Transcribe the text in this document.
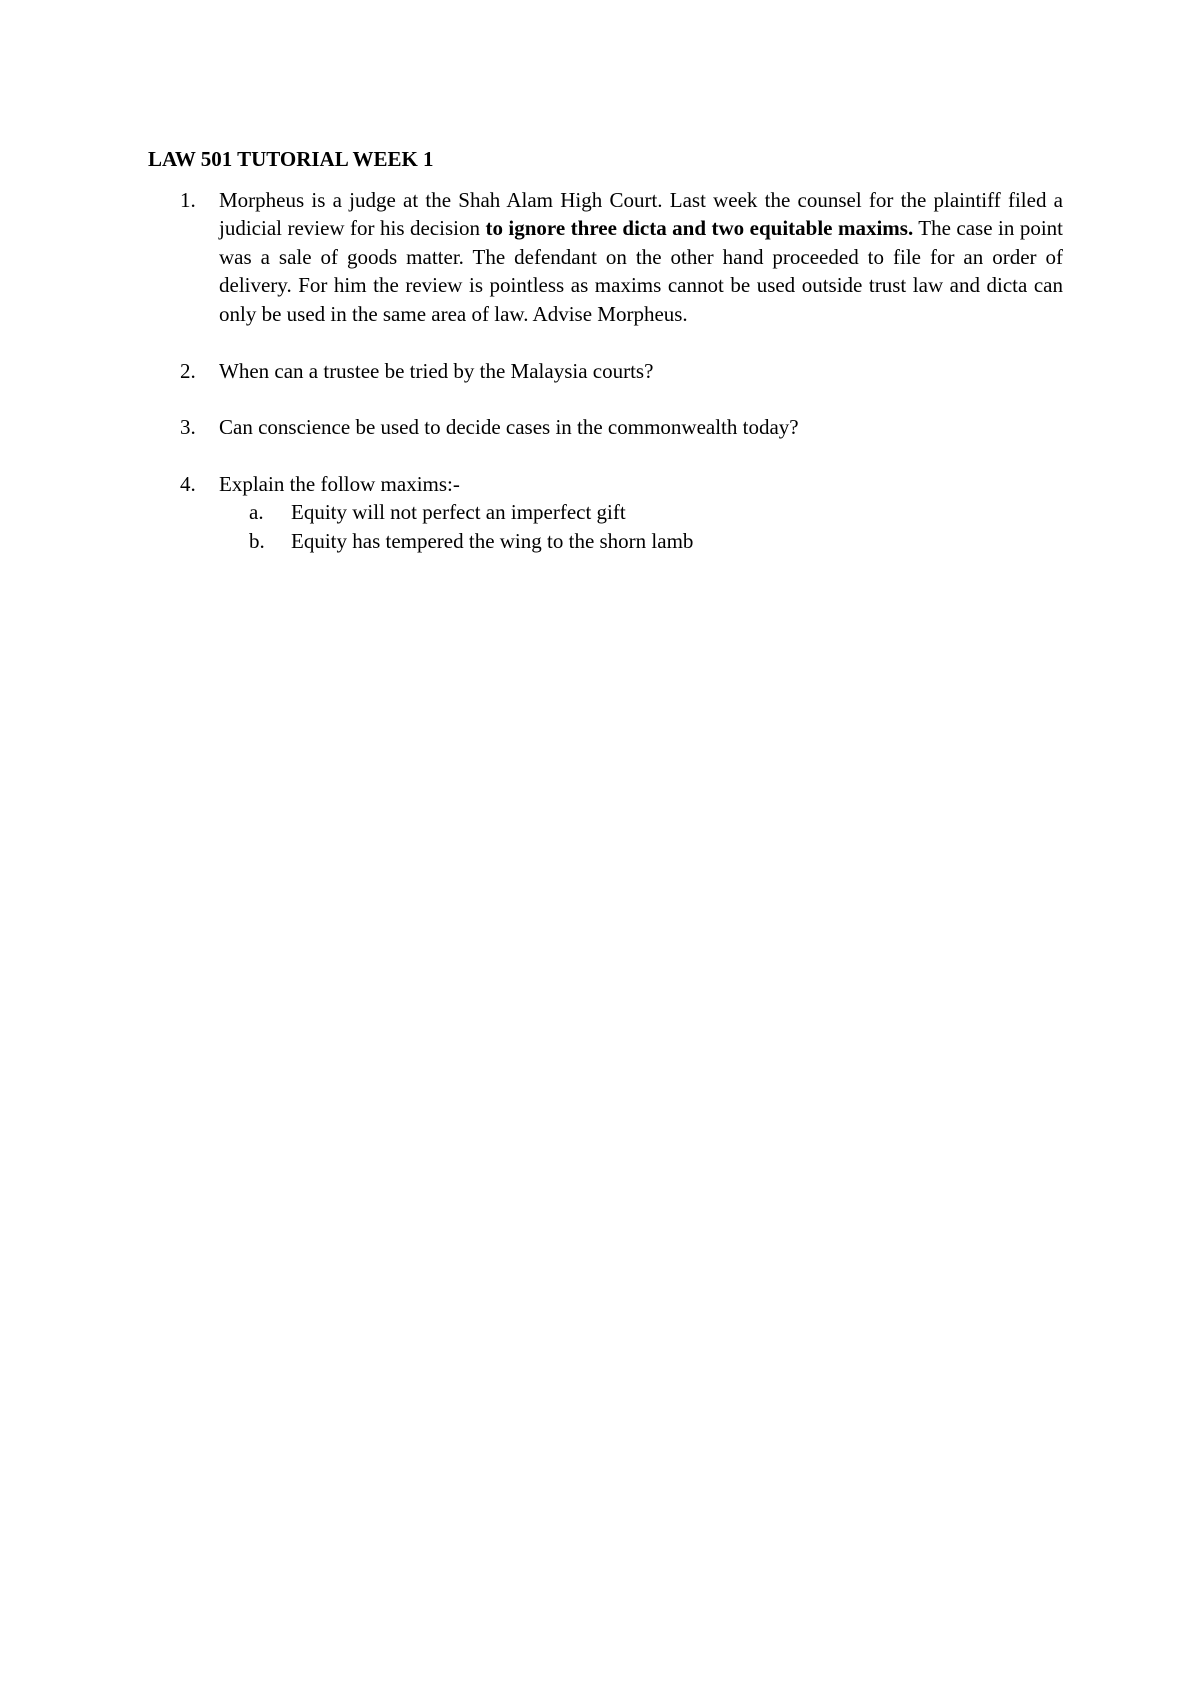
LAW 501 TUTORIAL WEEK 1
1. Morpheus is a judge at the Shah Alam High Court. Last week the counsel for the plaintiff filed a judicial review for his decision to ignore three dicta and two equitable maxims. The case in point was a sale of goods matter. The defendant on the other hand proceeded to file for an order of delivery. For him the review is pointless as maxims cannot be used outside trust law and dicta can only be used in the same area of law. Advise Morpheus.
2. When can a trustee be tried by the Malaysia courts?
3. Can conscience be used to decide cases in the commonwealth today?
4. Explain the follow maxims:-
a. Equity will not perfect an imperfect gift
b. Equity has tempered the wing to the shorn lamb
